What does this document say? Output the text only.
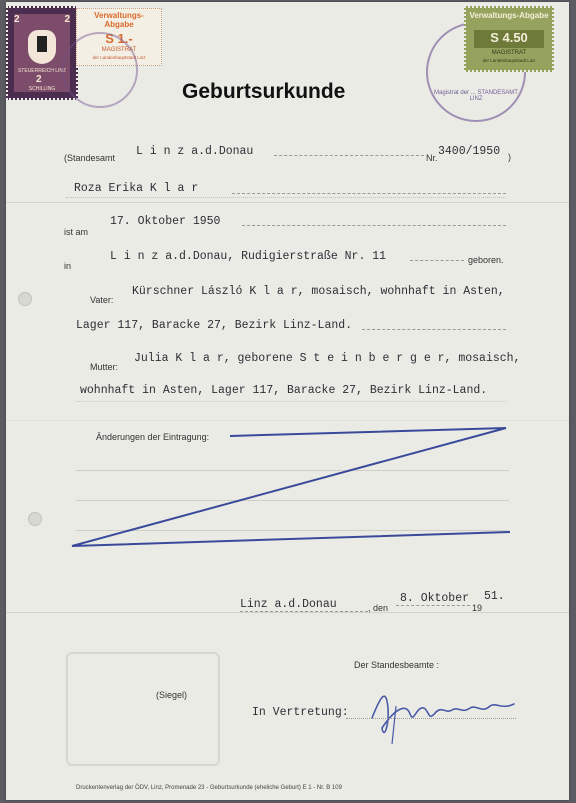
2	2
STEUERREICH LINZ
2
SCHILLING
Verwaltungs-Abgabe
S 1.-
MAGISTRAT
der Landeshauptstadt Linz
Magistrat der ... STANDESAMT LINZ
Verwaltungs-Abgabe
S 4.50
MAGISTRAT
der Landeshauptstadt Linz
Geburtsurkunde
(Standesamt L i n z a.d.Donau	Nr. 3400/1950 )
Roza Erika K l a r
ist am
17. Oktober 1950
in
L i n z a.d.Donau, Rudigierstraße Nr. 11	geboren.
Vater:
Kürschner László K l a r, mosaisch, wohnhaft in Asten,
Lager 117, Baracke 27, Bezirk Linz-Land.
Mutter:
Julia K l a r, geborene S t e i n b e r g e r, mosaisch,
wohnhaft in Asten, Lager 117, Baracke 27, Bezirk Linz-Land.
Änderungen der Eintragung:
Linz a.d.Donau	, den
8. Oktober
19
51.
Der Standesbeamte :
(Siegel)
In Vertretung:
Druckentenverlag der ÖDV, Linz, Promenade 23 - Geburtsurkunde (eheliche Geburt) E 1 - Nr. B 109
